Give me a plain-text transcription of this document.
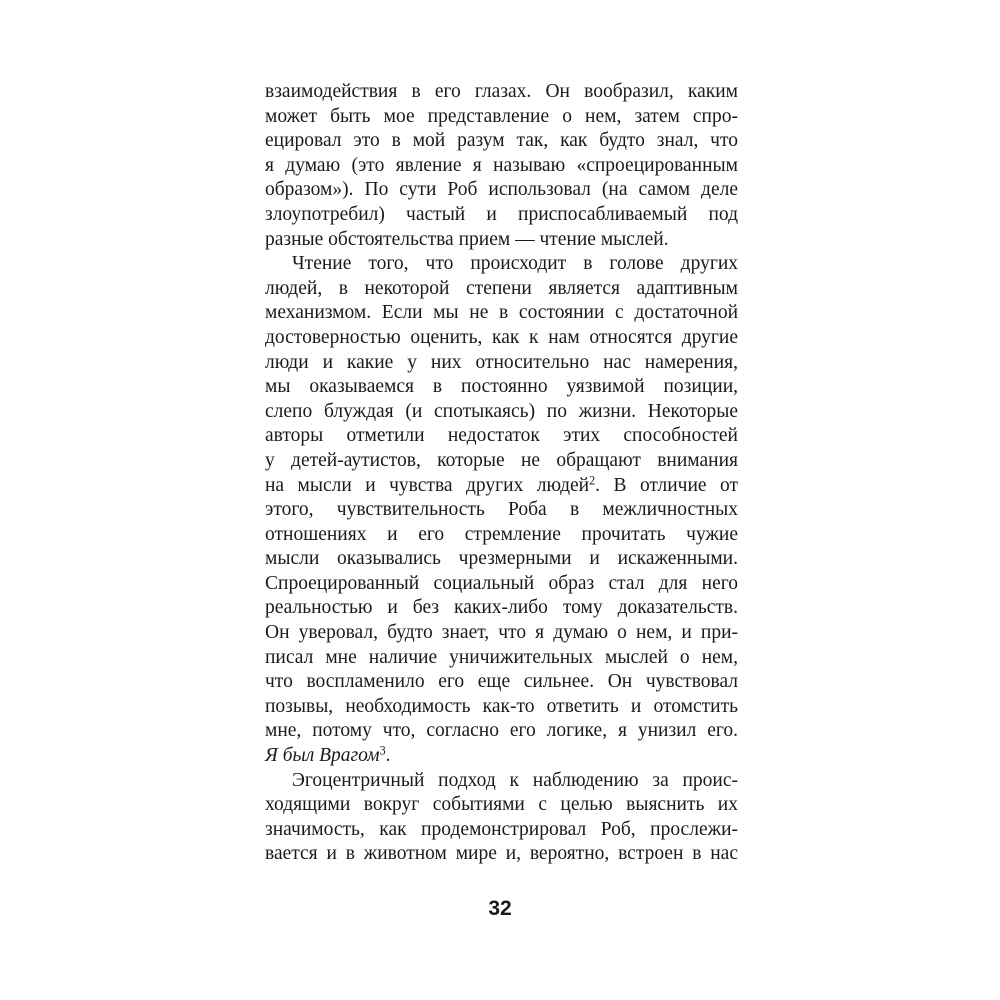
взаимодействия в его глазах. Он вообразил, каким
может быть мое представление о нем, затем спро-
ецировал это в мой разум так, как будто знал, что
я думаю (это явление я называю «спроецированным
образом»). По сути Роб использовал (на самом деле
злоупотребил) частый и приспосабливаемый под
разные обстоятельства прием — чтение мыслей.
Чтение того, что происходит в голове других
людей, в некоторой степени является адаптивным
механизмом. Если мы не в состоянии с достаточной
достоверностью оценить, как к нам относятся другие
люди и какие у них относительно нас намерения,
мы оказываемся в постоянно уязвимой позиции,
слепо блуждая (и спотыкаясь) по жизни. Некоторые
авторы отметили недостаток этих способностей
у детей-аутистов, которые не обращают внимания
на мысли и чувства других людей$^2$. В отличие от
этого, чувствительность Роба в межличностных
отношениях и его стремление прочитать чужие
мысли оказывались чрезмерными и искаженными.
Спроецированный социальный образ стал для него
реальностью и без каких-либо тому доказательств.
Он уверовал, будто знает, что я думаю о нем, и при-
писал мне наличие уничижительных мыслей о нем,
что воспламенило его еще сильнее. Он чувствовал
позывы, необходимость как-то ответить и отомстить
мне, потому что, согласно его логике, я унизил его.
Я был Врагом$^3$.
Эгоцентричный подход к наблюдению за проис-
ходящими вокруг событиями с целью выяснить их
значимость, как продемонстрировал Роб, прослежи-
вается и в животном мире и, вероятно, встроен в нас
32
